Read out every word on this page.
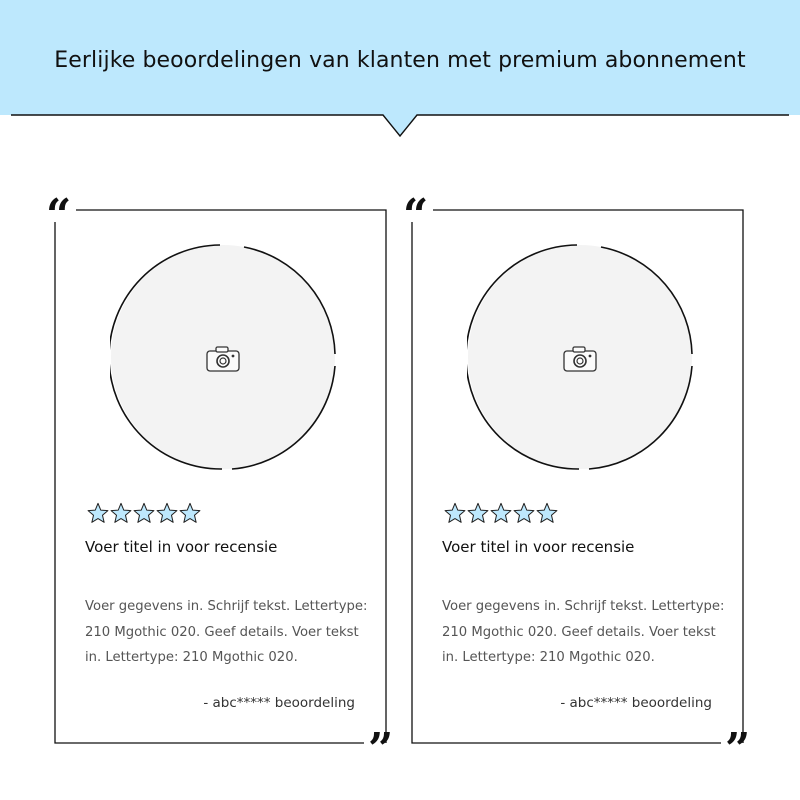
Eerlijke beoordelingen van klanten met premium abonnement
“
”
Voer titel in voor recensie
Voer gegevens in. Schrijf tekst. Lettertype: 210 Mgothic 020. Geef details. Voer tekst in. Lettertype: 210 Mgothic 020.
- abc***** beoordeling
“
”
Voer titel in voor recensie
Voer gegevens in. Schrijf tekst. Lettertype: 210 Mgothic 020. Geef details. Voer tekst in. Lettertype: 210 Mgothic 020.
- abc***** beoordeling
